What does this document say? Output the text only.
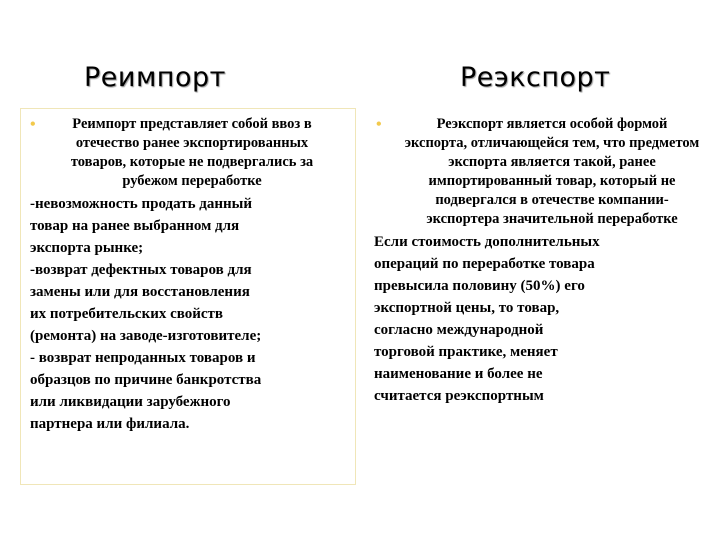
Реимпорт	Реэкспорт
•	Реимпорт представляет собой ввоз в отечество ранее экспортированных товаров, которые не подвергались за рубежом переработке
-невозможность продать данный
товар на ранее выбранном для
экспорта рынке;
-возврат дефектных товаров для
замены или для восстановления
их потребительских свойств
(ремонта) на заводе-изготовителе;
- возврат непроданных товаров и
образцов по причине банкротства
или ликвидации зарубежного
партнера или филиала.
•	Реэкспорт является особой формой экспорта, отличающейся тем, что предметом экспорта является такой, ранее импортированный товар, который не подвергался в отечестве компании-экспортера значительной переработке
Если стоимость дополнительных
операций по переработке товара
превысила половину (50%) его
экспортной цены, то товар,
согласно международной
торговой практике, меняет
наименование и более не
считается реэкспортным
